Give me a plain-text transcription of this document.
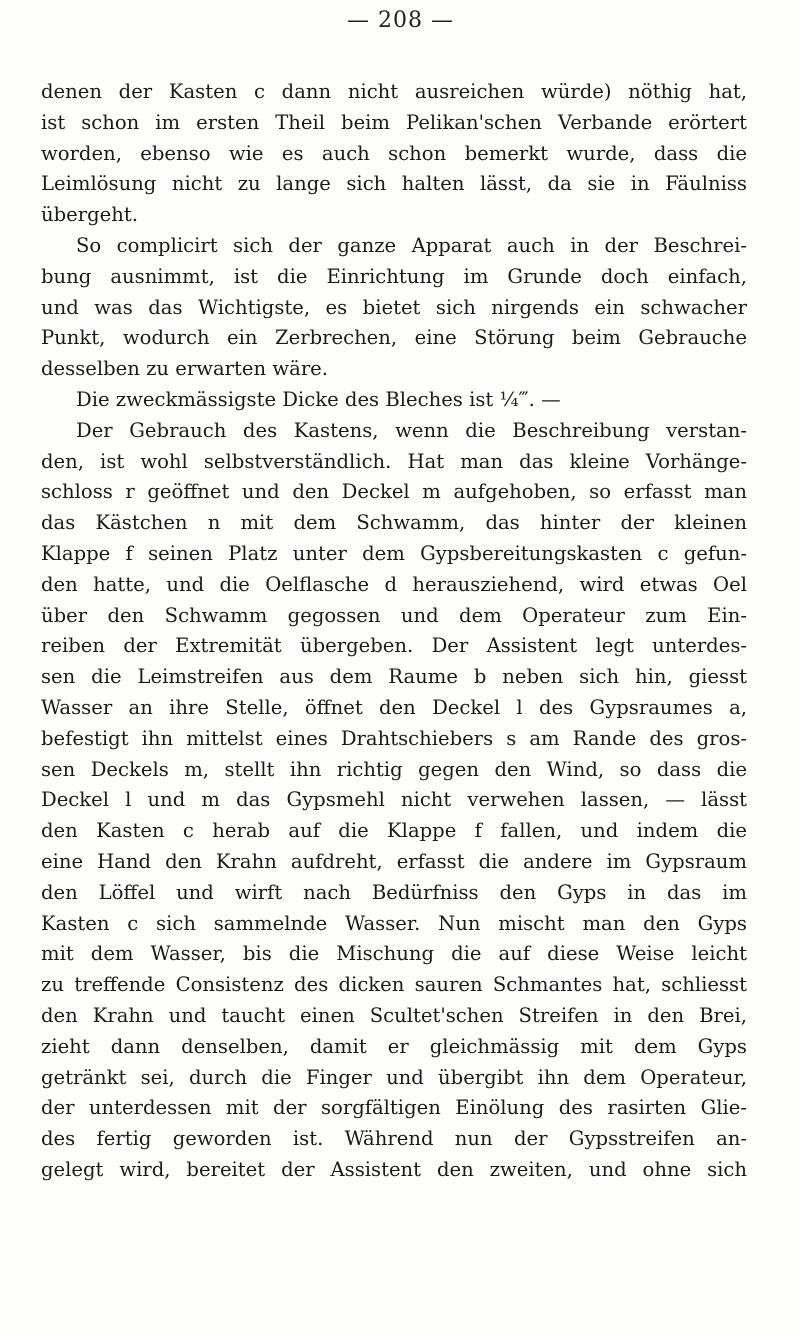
— 208 —
denen der Kasten c dann nicht ausreichen würde) nöthig hat,
ist schon im ersten Theil beim Pelikan'schen Verbande erörtert
worden, ebenso wie es auch schon bemerkt wurde, dass die
Leimlösung nicht zu lange sich halten lässt, da sie in Fäulniss
übergeht.
So complicirt sich der ganze Apparat auch in der Beschrei-
bung ausnimmt, ist die Einrichtung im Grunde doch einfach,
und was das Wichtigste, es bietet sich nirgends ein schwacher
Punkt, wodurch ein Zerbrechen, eine Störung beim Gebrauche
desselben zu erwarten wäre.
Die zweckmässigste Dicke des Bleches ist ¼‴. —
Der Gebrauch des Kastens, wenn die Beschreibung verstan-
den, ist wohl selbstverständlich. Hat man das kleine Vorhänge-
schloss r geöffnet und den Deckel m aufgehoben, so erfasst man
das Kästchen n mit dem Schwamm, das hinter der kleinen
Klappe f seinen Platz unter dem Gypsbereitungskasten c gefun-
den hatte, und die Oelflasche d herausziehend, wird etwas Oel
über den Schwamm gegossen und dem Operateur zum Ein-
reiben der Extremität übergeben. Der Assistent legt unterdes-
sen die Leimstreifen aus dem Raume b neben sich hin, giesst
Wasser an ihre Stelle, öffnet den Deckel l des Gypsraumes a,
befestigt ihn mittelst eines Drahtschiebers s am Rande des gros-
sen Deckels m, stellt ihn richtig gegen den Wind, so dass die
Deckel l und m das Gypsmehl nicht verwehen lassen, — lässt
den Kasten c herab auf die Klappe f fallen, und indem die
eine Hand den Krahn aufdreht, erfasst die andere im Gypsraum
den Löffel und wirft nach Bedürfniss den Gyps in das im
Kasten c sich sammelnde Wasser. Nun mischt man den Gyps
mit dem Wasser, bis die Mischung die auf diese Weise leicht
zu treffende Consistenz des dicken sauren Schmantes hat, schliesst
den Krahn und taucht einen Scultet'schen Streifen in den Brei,
zieht dann denselben, damit er gleichmässig mit dem Gyps
getränkt sei, durch die Finger und übergibt ihn dem Operateur,
der unterdessen mit der sorgfältigen Einölung des rasirten Glie-
des fertig geworden ist. Während nun der Gypsstreifen an-
gelegt wird, bereitet der Assistent den zweiten, und ohne sich
